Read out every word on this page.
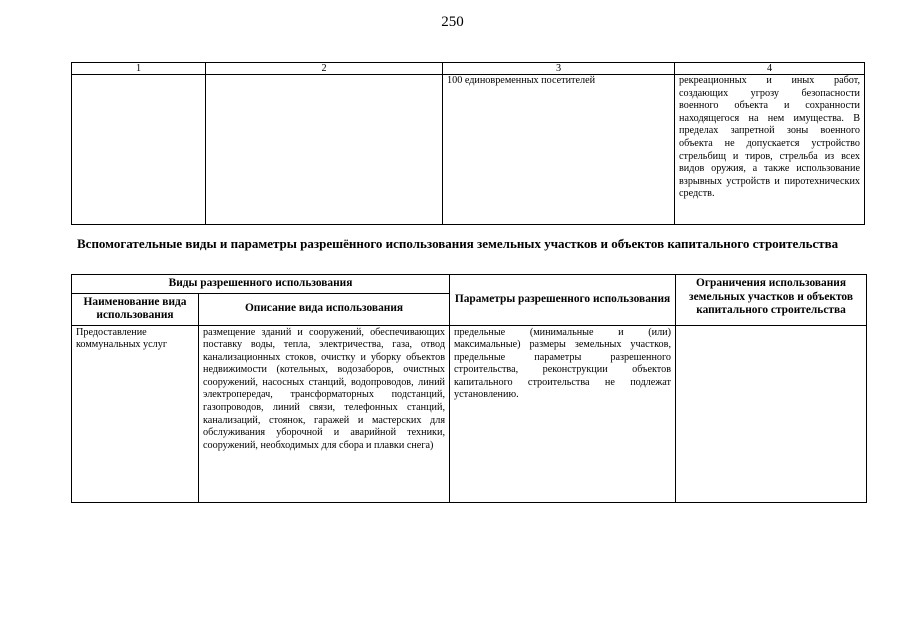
250
1	2	3	4
		100 единовременных посетителей	рекреационных и иных работ, создающих угрозу безопасности военного объекта и сохранности находящегося на нем имущества. В пределах запретной зоны военного объекта не допускается устройство стрельбищ и тиров, стрельба из всех видов оружия, а также использование взрывных устройств и пиротехнических средств.
Вспомогательные виды и параметры разрешённого использования земельных участков и объектов капитального строительства
Виды разрешенного использования		Параметры разрешенного использования	Ограничения использования земельных участков и объектов капитального строительства
Наименование вида использования	Описание вида использования		
Предоставление коммунальных услуг	размещение зданий и сооружений, обеспечивающих поставку воды, тепла, электричества, газа, отвод канализационных стоков, очистку и уборку объектов недвижимости (котельных, водозаборов, очистных сооружений, насосных станций, водопроводов, линий электропередач, трансформаторных подстанций, газопроводов, линий связи, телефонных станций, канализаций, стоянок, гаражей и мастерских для обслуживания уборочной и аварийной техники, сооружений, необходимых для сбора и плавки снега)	предельные (минимальные и (или) максимальные) размеры земельных участков, предельные параметры разрешенного строительства, реконструкции объектов капитального строительства не подлежат установлению.	
